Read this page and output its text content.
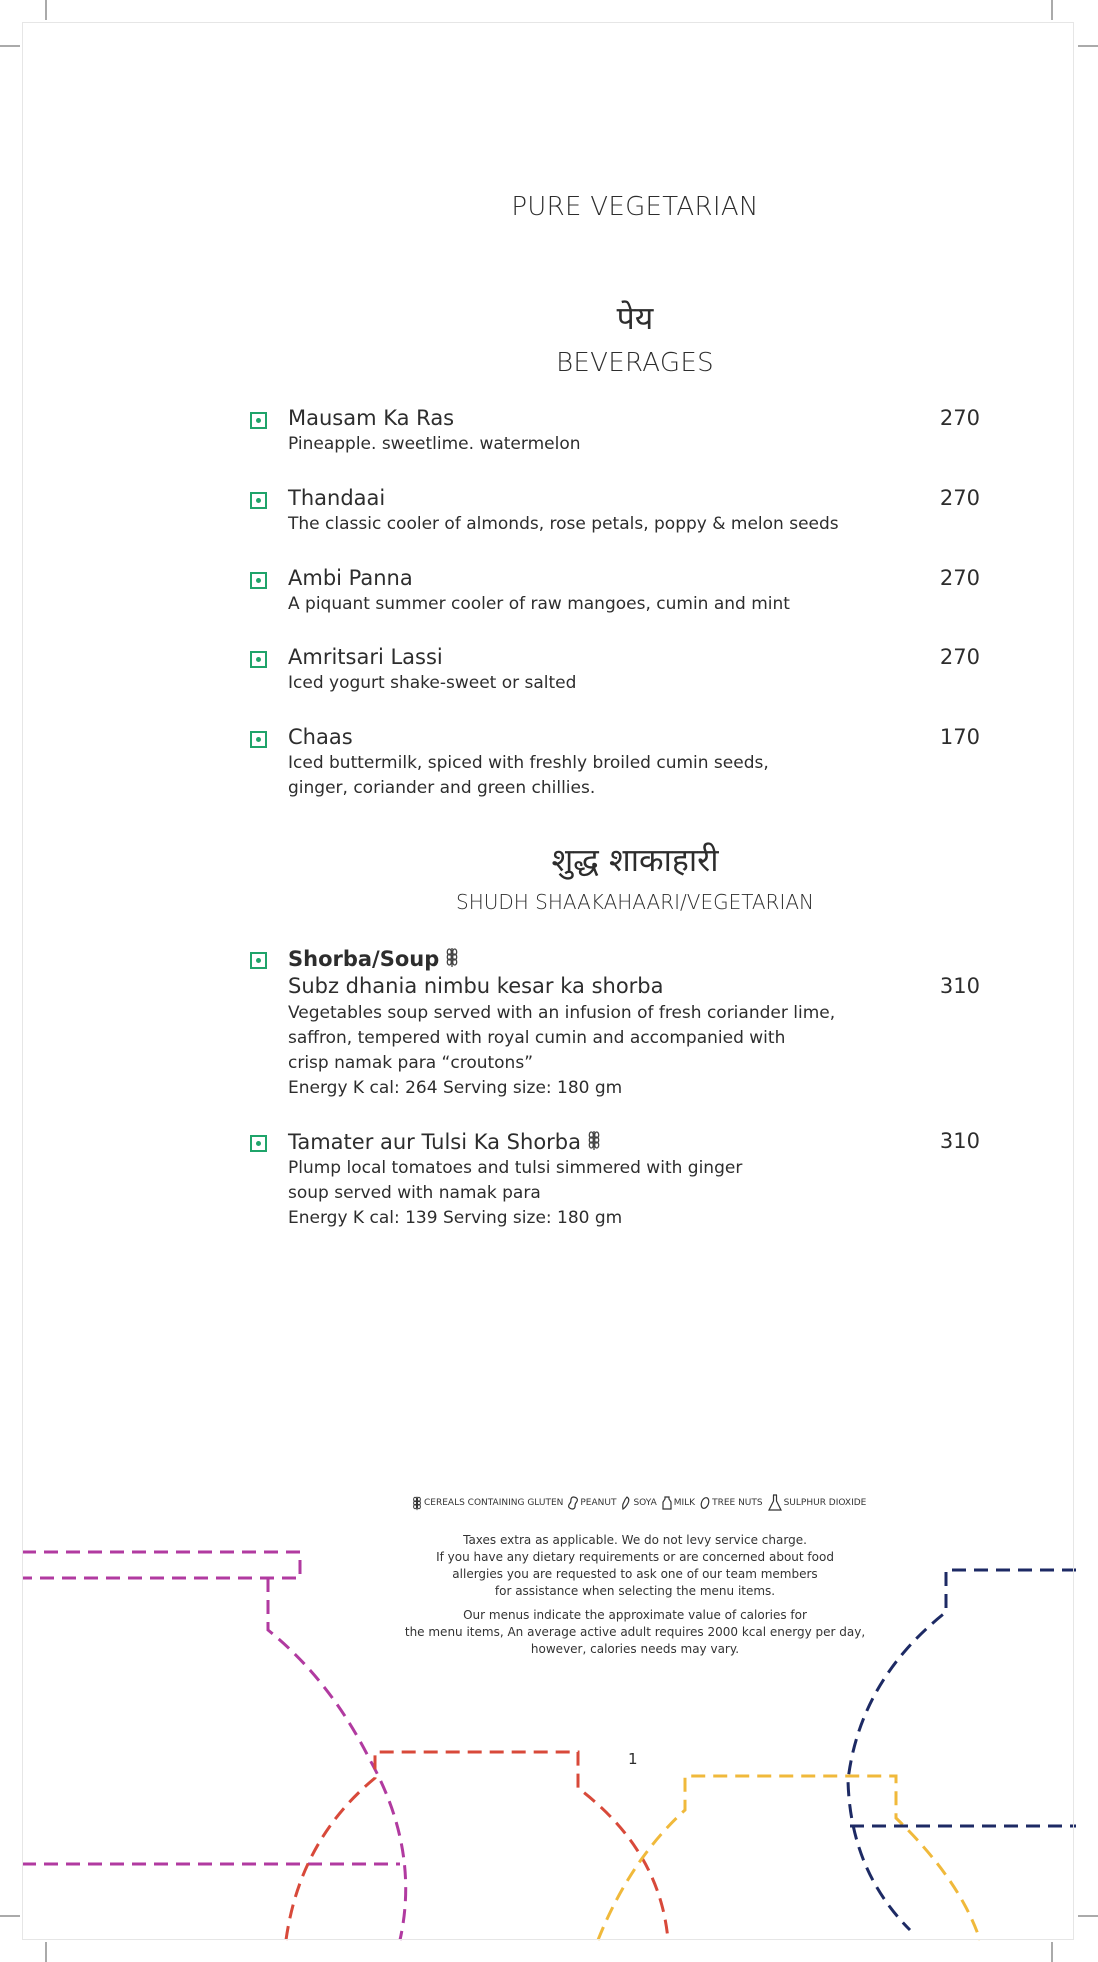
PURE VEGETARIAN
पेय
BEVERAGES
Mausam Ka Ras	270
Pineapple. sweetlime. watermelon
Thandaai	270
The classic cooler of almonds, rose petals, poppy & melon seeds
Ambi Panna	270
A piquant summer cooler of raw mangoes, cumin and mint
Amritsari Lassi	270
Iced yogurt shake-sweet or salted
Chaas	170
Iced buttermilk, spiced with freshly broiled cumin seeds,
ginger, coriander and green chillies.
शुद्ध शाकाहारी
SHUDH SHAAKAHAARI/VEGETARIAN
Shorba/Soup
Subz dhania nimbu kesar ka shorba	310
Vegetables soup served with an infusion of fresh coriander lime,
saffron, tempered with royal cumin and accompanied with
crisp namak para “croutons”
Energy K cal: 264 Serving size: 180 gm
Tamater aur Tulsi Ka Shorba	310
Plump local tomatoes and tulsi simmered with ginger
soup served with namak para
Energy K cal: 139 Serving size: 180 gm
CEREALS CONTAINING GLUTEN PEANUT SOYA MILK TREE NUTS SULPHUR DIOXIDE
Taxes extra as applicable. We do not levy service charge.
If you have any dietary requirements or are concerned about food
allergies you are requested to ask one of our team members
for assistance when selecting the menu items.
Our menus indicate the approximate value of calories for
the menu items, An average active adult requires 2000 kcal energy per day,
however, calories needs may vary.
1
